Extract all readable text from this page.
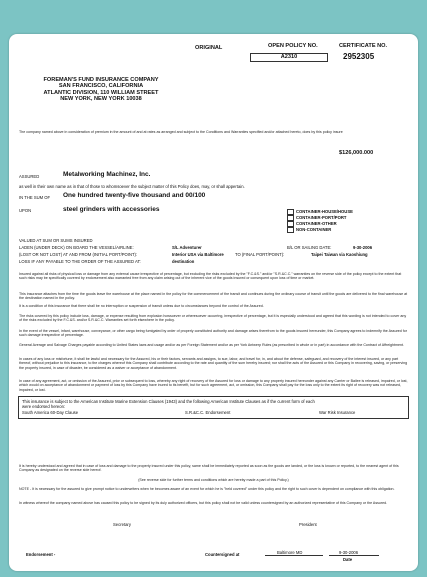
ORIGINAL	OPEN POLICY NO.
A2310
CERTIFICATE NO.
2952305
FOREMAN'S FUND INSURANCE COMPANY
SAN FRANCISCO, CALIFORNIA
ATLANTIC DIVISION, 110 WILLIAM STREET
NEW YORK, NEW YORK 10038
The company named above in consideration of premium in the amount of and at rates as arranged and subject to the Conditions and Warranties specified and/or attached hereto, does by this policy insure
$126,000.000
ASSURED	Metalworking Machinez, Inc.
as well in their own name as in that of those to whomsoever the subject matter of this Policy does, may, or shall appertain.
IN THE SUM OF One hundred twenty-five thousand and 00/100
UPON	steel grinders with accessories	CONTAINER-HOUSE/HOUSE
CONTAINER-PORT/PORT
CONTAINER-OTHER
NON-CONTAINER
VALUED AT SUM OR SUMS INSURED
LADEN (UNDER DECK) ON BOARD THE VESSEL/AIRLINE:	S/L Adventurer	B/L OR SAILING DATE:	9-30-2006
(LOST OR NOT LOST) AT AND FROM (INITIAL PORT/POINT):	Interior USA via Baltimore	TO (FINAL PORT/POINT):	Taipei Taiwan via Kaoshiung
LOSS IF ANY PAYABLE TO THE ORDER OF THE ASSURED AT:	destination
Insured against all risks of physical loss or damage from any external cause irrespective of percentage, but excluding the risks excluded by the "F.C.&S." and/or "S.R.&C.C." warranties on the reverse side of the policy except to the extent that such risks may be specifically covered by endorsement also warranted free from any claim arising out of the inherent vice of the goods insured or consequent upon loss of time or market.
This insurance attaches from the time the goods leave the warehouse at the place named in the policy for the commencement of the transit and continues during the ordinary course of transit until the goods are delivered to the final warehouse at the destination named in the policy.
It is a condition of this insurance that there shall be no interruption or suspension of transit unless due to circumstances beyond the control of the Assured.
The risks covered by this policy include loss, damage, or expense resulting from explosion howsoever or wheresoever occurring, irrespective of percentage, but it is especially understood and agreed that this wording is not intended to cover any of the risks excluded by the F.C.&S. and/or S.R.&C.C. Warranties set forth elsewhere in the policy.
In the event of the vessel, infant, warehouse, conveyance, or other cargo being fumigated by order of properly constituted authority and damage arises therefrom to the goods insured hereunder, this Company agrees to indemnify the Assured for such damage irrespective of percentage.
General Average and Salvage Charges payable according to United States laws and usage and/or as per Foreign Statement and/or as per York Antwerp Rules (as prescribed in whole or in part) in accordance with the Contract of Affreightment.
In cases of any loss or misfortune, it shall be lawful and necessary for the Assured, his or their factors, servants and assigns, to sue, labor, and travel for, in, and about the defense, safeguard, and recovery of the interest insured, or any part thereof, without prejudice to this insurance, to the charges whereof this Company shall contribute according to the rate and quantity of the sum hereby insured; nor shall the acts of the Assured or this Company in recovering, saving, or preserving the property insured, in case of disaster, be considered as a waiver or acceptance of abandonment.
In case of any agreement, act, or omission of the Assured, prior or subsequent to loss, whereby any right of recovery of the Assured for loss or damage to any property insured hereunder against any Carrier or Bailee is released, impaired, or lost, which would on acceptance of abandonment or payment of loss by this Company have inured to its benefit, but for such agreement, act, or omission, this Company shall pay for the loss only to the extent its right of recovery was not released, impaired, or lost.
This insurance is subject to the American Institute Marine Extension Clauses (1943) and the following American Institute Clauses as if the current form of each were endorsed hereon:
South America 60-Day Clause	S.R.&C.C. Endorsement	War Risk Insurance
It is hereby understood and agreed that in case of loss and damage to the property insured under this policy, same shall be immediately reported as soon as the goods are landed, or the loss is known or reported, to the nearest agent of this Company as designated on the reverse side hereof.
(See reverse side for further terms and conditions which are hereby made a part of this Policy.)
NOTE - It is necessary for the assured to give prompt notice to underwriters when he becomes aware of an event for which he is "held covered" under this policy and the right to such cover is dependent on compliance with this obligation.
In witness whereof the company named above has caused this policy to be signed by its duly authorized officers, but this policy shall not be valid unless countersigned by an authorized representative of this Company or the Assured.
Secretary	President
Endorsement -	Countersigned at	Baltimore MD	9-30-2006
Date
